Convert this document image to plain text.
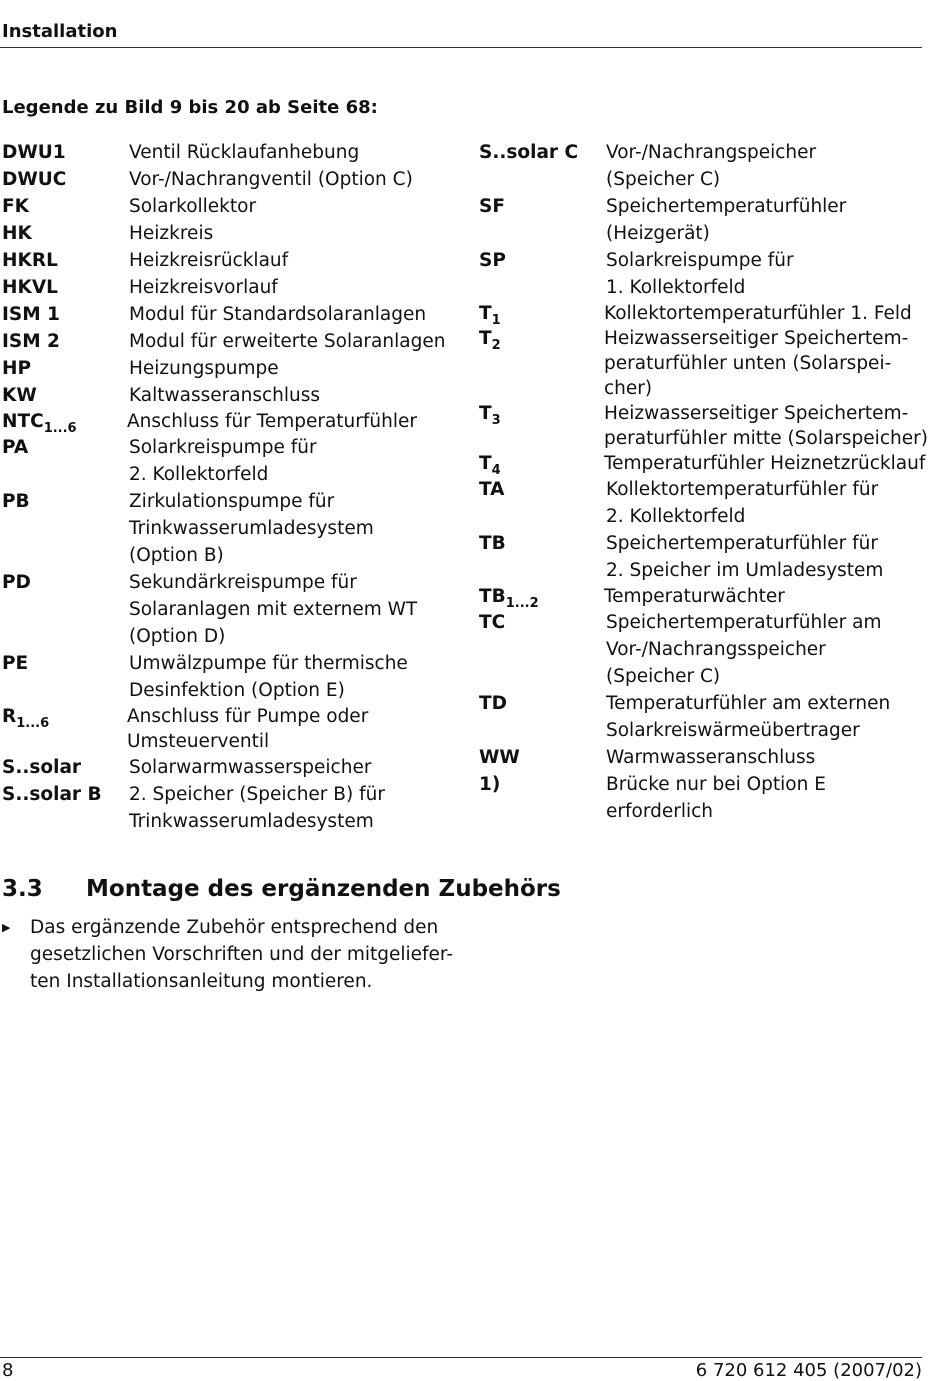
Installation
Legende zu Bild 9 bis 20 ab Seite 68:
DWU1	Ventil Rücklaufanhebung
DWUC	Vor-/Nachrangventil (Option C)
FK	Solarkollektor
HK	Heizkreis
HKRL	Heizkreisrücklauf
HKVL	Heizkreisvorlauf
ISM 1	Modul für Standardsolaranlagen
ISM 2	Modul für erweiterte Solaranlagen
HP	Heizungspumpe
KW	Kaltwasseranschluss
$NTC_{1...6}$	Anschluss für Temperaturfühler
PA	Solarkreispumpe für
2. Kollektorfeld
PB	Zirkulationspumpe für
Trinkwasserumladesystem
(Option B)
PD	Sekundärkreispumpe für
Solaranlagen mit externem WT
(Option D)
PE	Umwälzpumpe für thermische
Desinfektion (Option E)
$R_{1...6}$	Anschluss für Pumpe oder
Umsteuerventil
S..solar	Solarwarmwasserspeicher
S..solar B	2. Speicher (Speicher B) für
Trinkwasserumladesystem
S..solar C	Vor-/Nachrangspeicher
(Speicher C)
SF	Speichertemperaturfühler
(Heizgerät)
SP	Solarkreispumpe für
1. Kollektorfeld
$T_1$	Kollektortemperaturfühler 1. Feld
$T_2$	Heizwasserseitiger Speichertem-
peraturfühler unten (Solarspei-
cher)
$T_3$	Heizwasserseitiger Speichertem-
peraturfühler mitte (Solarspeicher)
$T_4$	Temperaturfühler Heiznetzrücklauf
TA	Kollektortemperaturfühler für
2. Kollektorfeld
TB	Speichertemperaturfühler für
2. Speicher im Umladesystem
$TB_{1...2}$	Temperaturwächter
TC	Speichertemperaturfühler am
Vor-/Nachrangsspeicher
(Speicher C)
TD	Temperaturfühler am externen
Solarkreiswärmeübertrager
WW	Warmwasseranschluss
1)	Brücke nur bei Option E
erforderlich
3.3 Montage des ergänzenden Zubehörs
▶	Das ergänzende Zubehör entsprechend den
gesetzlichen Vorschriften und der mitgeliefer-
ten Installationsanleitung montieren.
8	6 720 612 405 (2007/02)
